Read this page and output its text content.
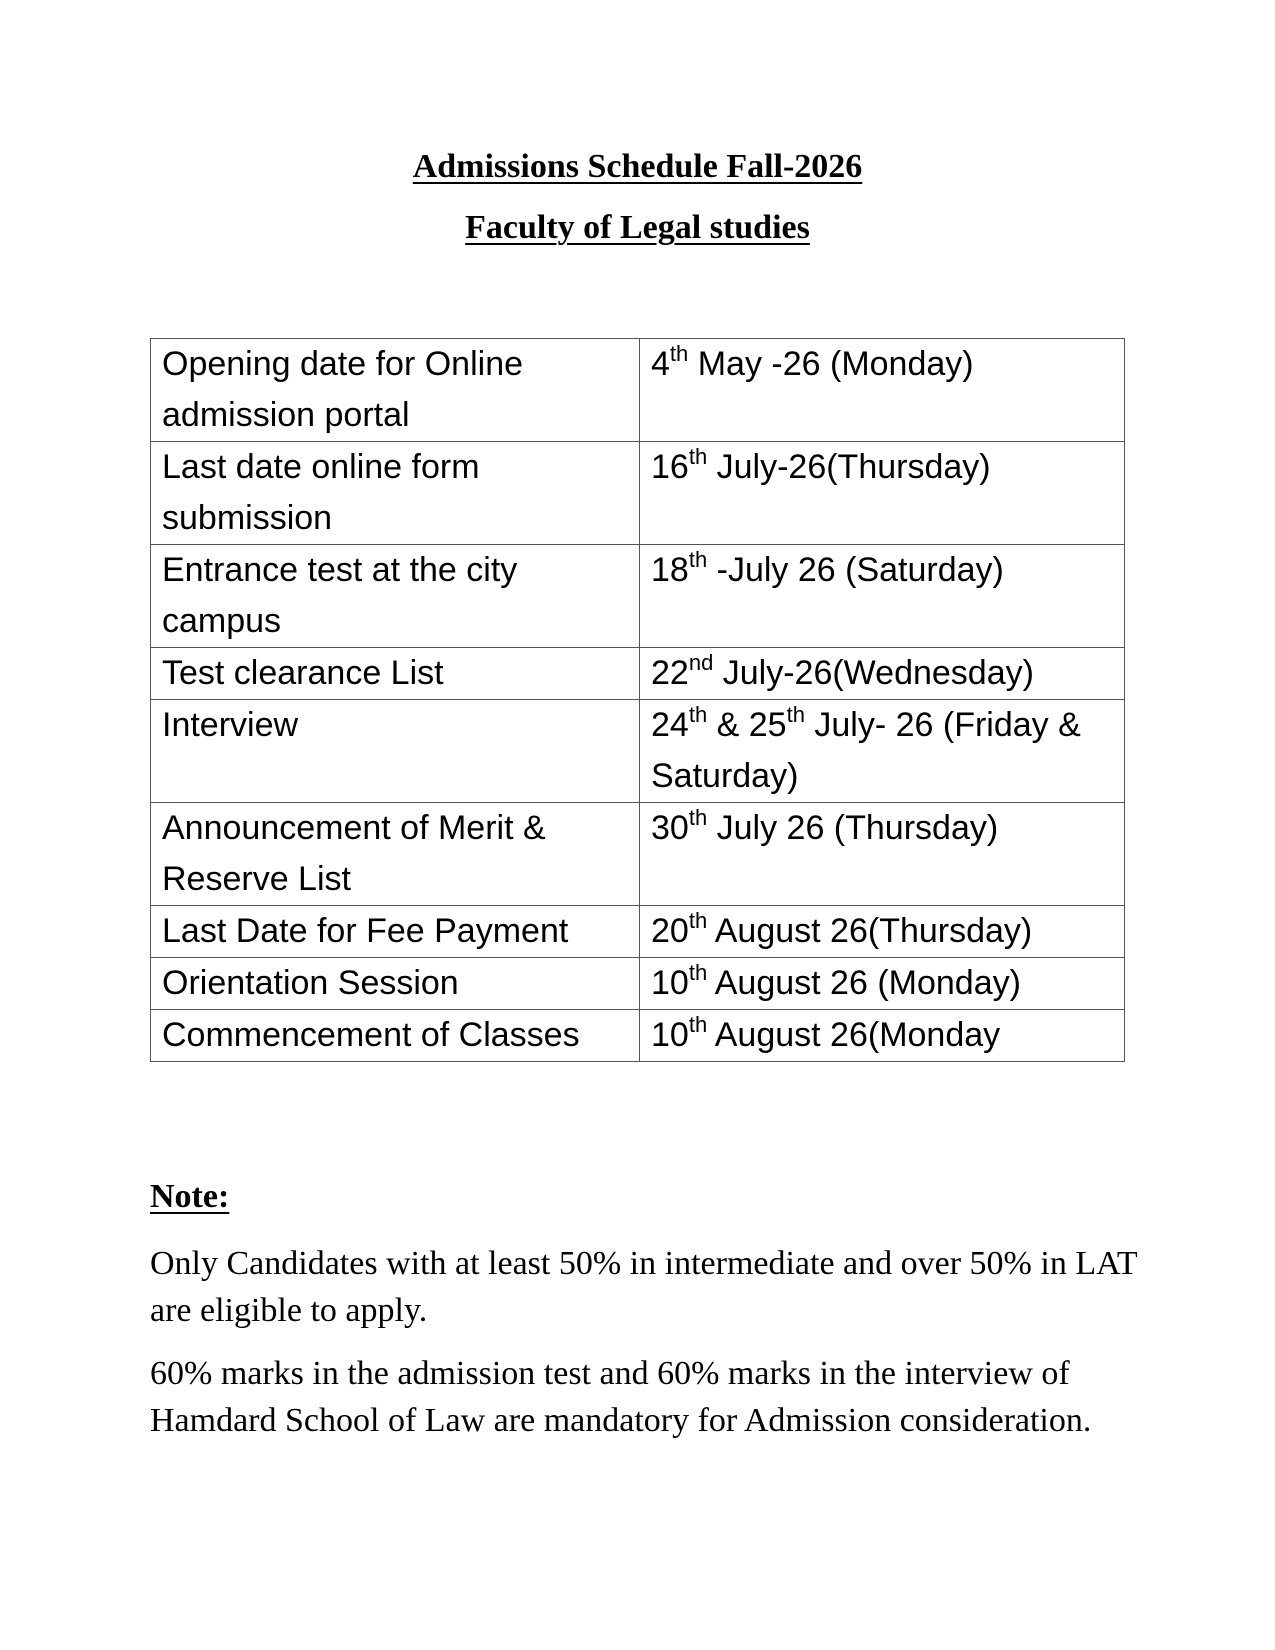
Admissions Schedule Fall-2026
Faculty of Legal studies
Opening date for Online admission portal	4th May -26 (Monday)
Last date online form submission	16th July-26(Thursday)
Entrance test at the city campus	18th -July 26 (Saturday)
Test clearance List	22nd July-26(Wednesday)
Interview	24th & 25th July- 26 (Friday & Saturday)
Announcement of Merit & Reserve List	30th July 26 (Thursday)
Last Date for Fee Payment	20th August 26(Thursday)
Orientation Session	10th August 26 (Monday)
Commencement of Classes	10th August 26(Monday
Note:
Only Candidates with at least 50% in intermediate and over 50% in LAT are eligible to apply.
60% marks in the admission test and 60% marks in the interview of Hamdard School of Law are mandatory for Admission consideration.
